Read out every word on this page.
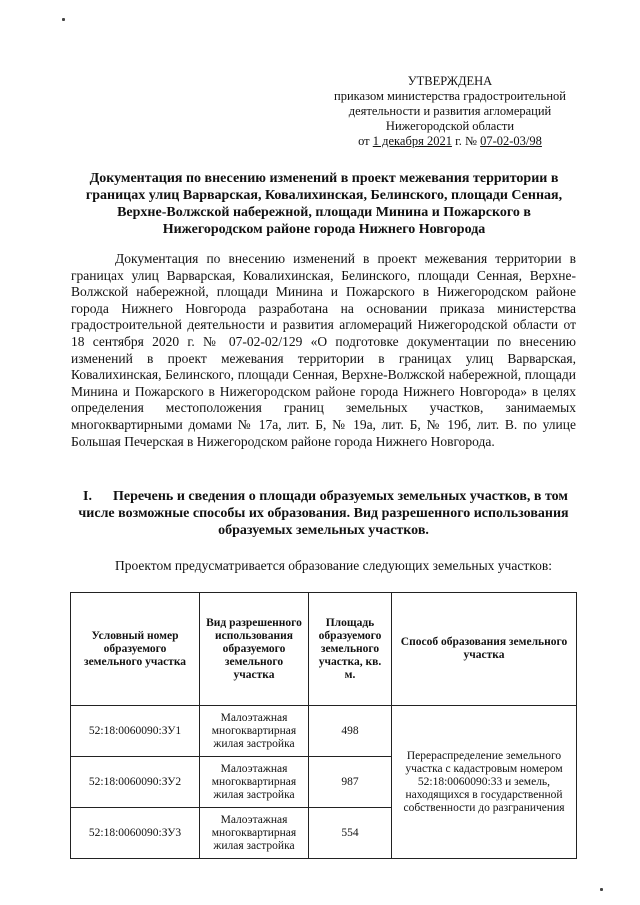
УТВЕРЖДЕНА
приказом министерства градостроительной
деятельности и развития агломераций
Нижегородской области
от 1 декабря 2021 г. № 07-02-03/98
Документация по внесению изменений в проект межевания территории в границах улиц Варварская, Ковалихинская, Белинского, площади Сенная, Верхне-Волжской набережной, площади Минина и Пожарского в Нижегородском районе города Нижнего Новгорода
Документация по внесению изменений в проект межевания территории в границах улиц Варварская, Ковалихинская, Белинского, площади Сенная, Верхне-Волжской набережной, площади Минина и Пожарского в Нижегородском районе города Нижнего Новгорода разработана на основании приказа министерства градостроительной деятельности и развития агломераций Нижегородской области от 18 сентября 2020 г. № 07-02-02/129 «О подготовке документации по внесению изменений в проект межевания территории в границах улиц Варварская, Ковалихинская, Белинского, площади Сенная, Верхне-Волжской набережной, площади Минина и Пожарского в Нижегородском районе города Нижнего Новгорода» в целях определения местоположения границ земельных участков, занимаемых многоквартирными домами № 17а, лит. Б, № 19а, лит. Б, № 19б, лит. В. по улице Большая Печерская в Нижегородском районе города Нижнего Новгорода.
I.	Перечень и сведения о площади образуемых земельных участков, в том
числе возможные способы их образования. Вид разрешенного использования образуемых земельных участков.
Проектом предусматривается образование следующих земельных участков:
Условный номер образуемого земельного участка	Вид разрешенного использования образуемого земельного участка	Площадь образуемого земельного участка, кв. м.	Способ образования земельного участка
52:18:0060090:ЗУ1	Малоэтажная многоквартирная жилая застройка	498	Перераспределение земельного участка с кадастровым номером 52:18:0060090:33 и земель, находящихся в государственной собственности до разграничения
52:18:0060090:ЗУ2	Малоэтажная многоквартирная жилая застройка	987	
52:18:0060090:ЗУ3	Малоэтажная многоквартирная жилая застройка	554	
